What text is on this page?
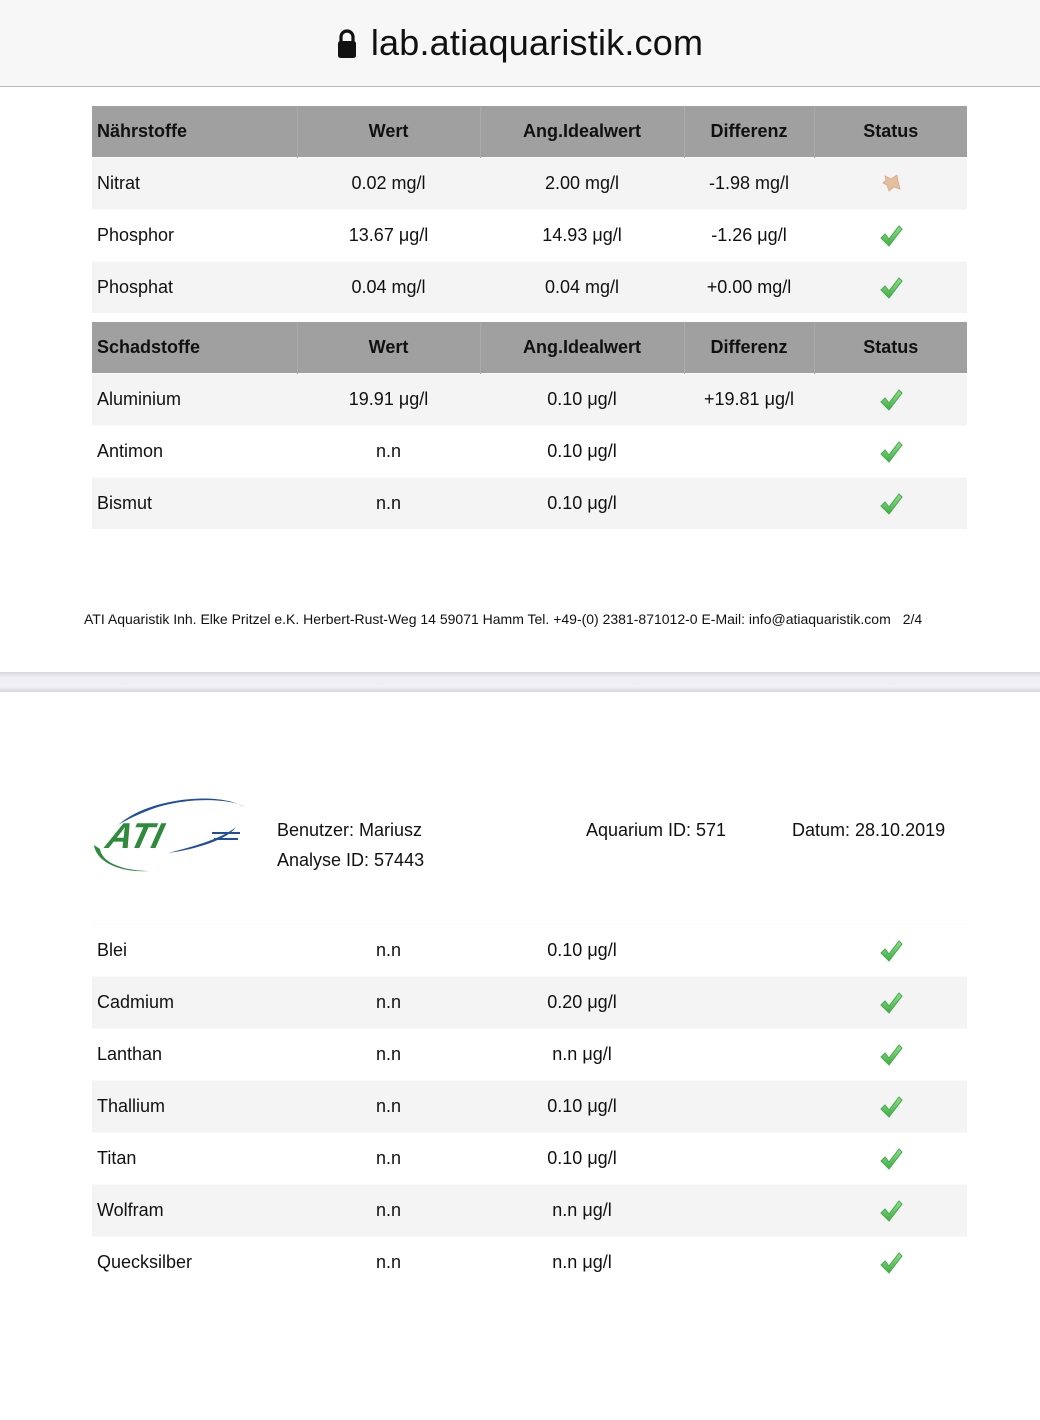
lab.atiaquaristik.com
Nährstoffe	Wert	Ang.Idealwert	Differenz	Status
Nitrat	0.02 mg/l	2.00 mg/l	-1.98 mg/l	
Phosphor	13.67 μg/l	14.93 μg/l	-1.26 μg/l	
Phosphat	0.04 mg/l	0.04 mg/l	+0.00 mg/l	
Schadstoffe	Wert	Ang.Idealwert	Differenz	Status
Aluminium	19.91 μg/l	0.10 μg/l	+19.81 μg/l	
Antimon	n.n	0.10 μg/l		
Bismut	n.n	0.10 μg/l		
ATI Aquaristik Inh. Elke Pritzel e.K. Herbert-Rust-Weg 14 59071 Hamm Tel. +49-(0) 2381-871012-0 E-Mail: info@atiaquaristik.com 2/4
ATI	Benutzer: Mariusz
Analyse ID: 57443
Aquarium ID: 571	Datum: 28.10.2019
Blei	n.n	0.10 μg/l		
Cadmium	n.n	0.20 μg/l		
Lanthan	n.n	n.n μg/l		
Thallium	n.n	0.10 μg/l		
Titan	n.n	0.10 μg/l		
Wolfram	n.n	n.n μg/l		
Quecksilber	n.n	n.n μg/l		
